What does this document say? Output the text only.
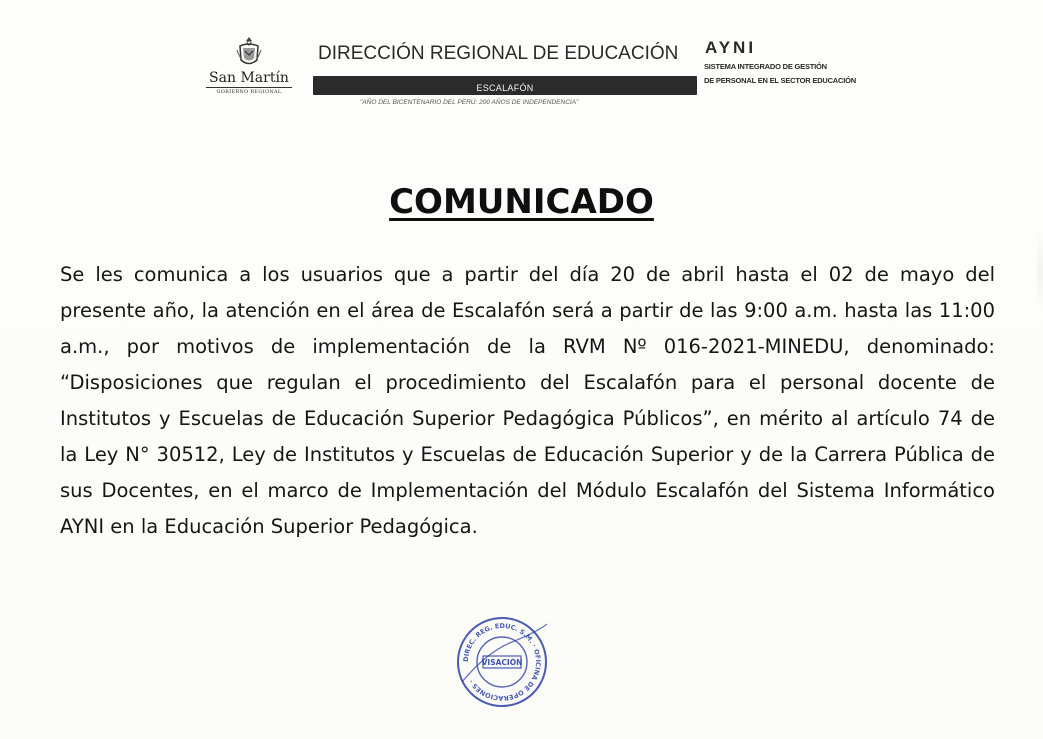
San Martín
GOBIERNO REGIONAL
DIRECCIÓN REGIONAL DE EDUCACIÓN
ESCALAFÓN
"AÑO DEL BICENTENARIO DEL PERÚ: 200 AÑOS DE INDEPENDENCIA"
AYNI
SISTEMA INTEGRADO DE GESTIÓN
DE PERSONAL EN EL SECTOR EDUCACIÓN
COMUNICADO

Se les comunica a los usuarios que a partir del día 20 de abril hasta el 02 de mayo del presente año, la atención en el área de Escalafón será a partir de las 9:00 a.m. hasta las 11:00 a.m., por motivos de implementación de la RVM Nº 016-2021-MINEDU, denominado: “Disposiciones que regulan el procedimiento del Escalafón para el personal docente de Institutos y Escuelas de Educación Superior Pedagógica Públicos”, en mérito al artículo 74 de la Ley N° 30512, Ley de Institutos y Escuelas de Educación Superior y de la Carrera Pública de sus Docentes, en el marco de Implementación del Módulo Escalafón del Sistema Informático AYNI en la Educación Superior Pedagógica.

DIREC. REG. EDUC. S.M. · OFICINA DE OPERACIONES ·
VISACIÓN
